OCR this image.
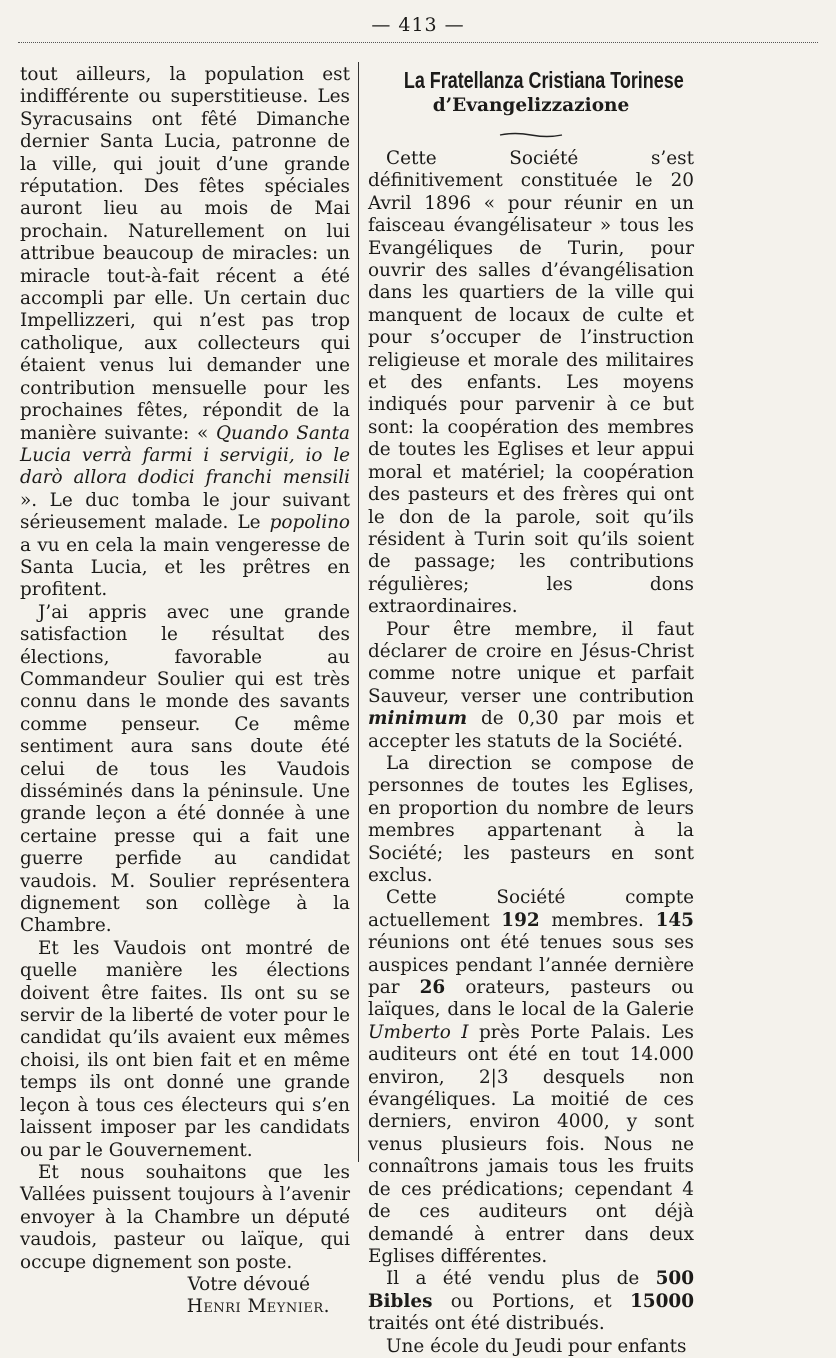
— 413 —

tout ailleurs, la population est indifférente ou superstitieuse. Les Syracusains ont fêté Dimanche dernier Santa Lucia, patronne de la ville, qui jouit d’une grande réputation. Des fêtes spéciales auront lieu au mois de Mai prochain. Naturellement on lui attribue beaucoup de miracles: un miracle tout-à-fait récent a été accompli par elle. Un certain duc Impellizzeri, qui n’est pas trop catholique, aux collecteurs qui étaient venus lui demander une contribution mensuelle pour les prochaines fêtes, répondit de la manière suivante: « Quando Santa Lucia verrà farmi i servigii, io le darò allora dodici franchi mensili ». Le duc tomba le jour suivant sérieusement malade. Le popolino a vu en cela la main vengeresse de Santa Lucia, et les prêtres en profitent.

J’ai appris avec une grande satisfaction le résultat des élections, favorable au Commandeur Soulier qui est très connu dans le monde des savants comme penseur. Ce même sentiment aura sans doute été celui de tous les Vaudois disséminés dans la péninsule. Une grande leçon a été donnée à une certaine presse qui a fait une guerre perfide au candidat vaudois. M. Soulier représentera dignement son collège à la Chambre.

Et les Vaudois ont montré de quelle manière les élections doivent être faites. Ils ont su se servir de la liberté de voter pour le candidat qu’ils avaient eux mêmes choisi, ils ont bien fait et en même temps ils ont donné une grande leçon à tous ces électeurs qui s’en laissent imposer par les candidats ou par le Gouvernement.

Et nous souhaitons que les Vallées puissent toujours à l’avenir envoyer à la Chambre un député vaudois, pasteur ou laïque, qui occupe dignement son poste.

Votre dévoué

Henri Meynier.

La Fratellanza Cristiana Torinese
d’Evangelizzazione

Cette Société s’est définitivement constituée le 20 Avril 1896 « pour réunir en un faisceau évangélisateur » tous les Evangéliques de Turin, pour ouvrir des salles d’évangélisation dans les quartiers de la ville qui manquent de locaux de culte et pour s’occuper de l’instruction religieuse et morale des militaires et des enfants. Les moyens indiqués pour parvenir à ce but sont: la coopération des membres de toutes les Eglises et leur appui moral et matériel; la coopération des pasteurs et des frères qui ont le don de la parole, soit qu’ils résident à Turin soit qu’ils soient de passage; les contributions régulières; les dons extraordinaires.

Pour être membre, il faut déclarer de croire en Jésus-Christ comme notre unique et parfait Sauveur, verser une contribution minimum de 0,30 par mois et accepter les statuts de la Société.

La direction se compose de personnes de toutes les Eglises, en proportion du nombre de leurs membres appartenant à la Société; les pasteurs en sont exclus.

Cette Société compte actuellement 192 membres. 145 réunions ont été tenues sous ses auspices pendant l’année dernière par 26 orateurs, pasteurs ou laïques, dans le local de la Galerie Umberto I près Porte Palais. Les auditeurs ont été en tout 14.000 environ, 2|3 desquels non évangéliques. La moitié de ces derniers, environ 4000, y sont venus plusieurs fois. Nous ne connaîtrons jamais tous les fruits de ces prédications; cependant 4 de ces auditeurs ont déjà demandé à entrer dans deux Eglises différentes.

Il a été vendu plus de 500 Bibles ou Portions, et 15000 traités ont été distribués.

Une école du Jeudi pour enfants
